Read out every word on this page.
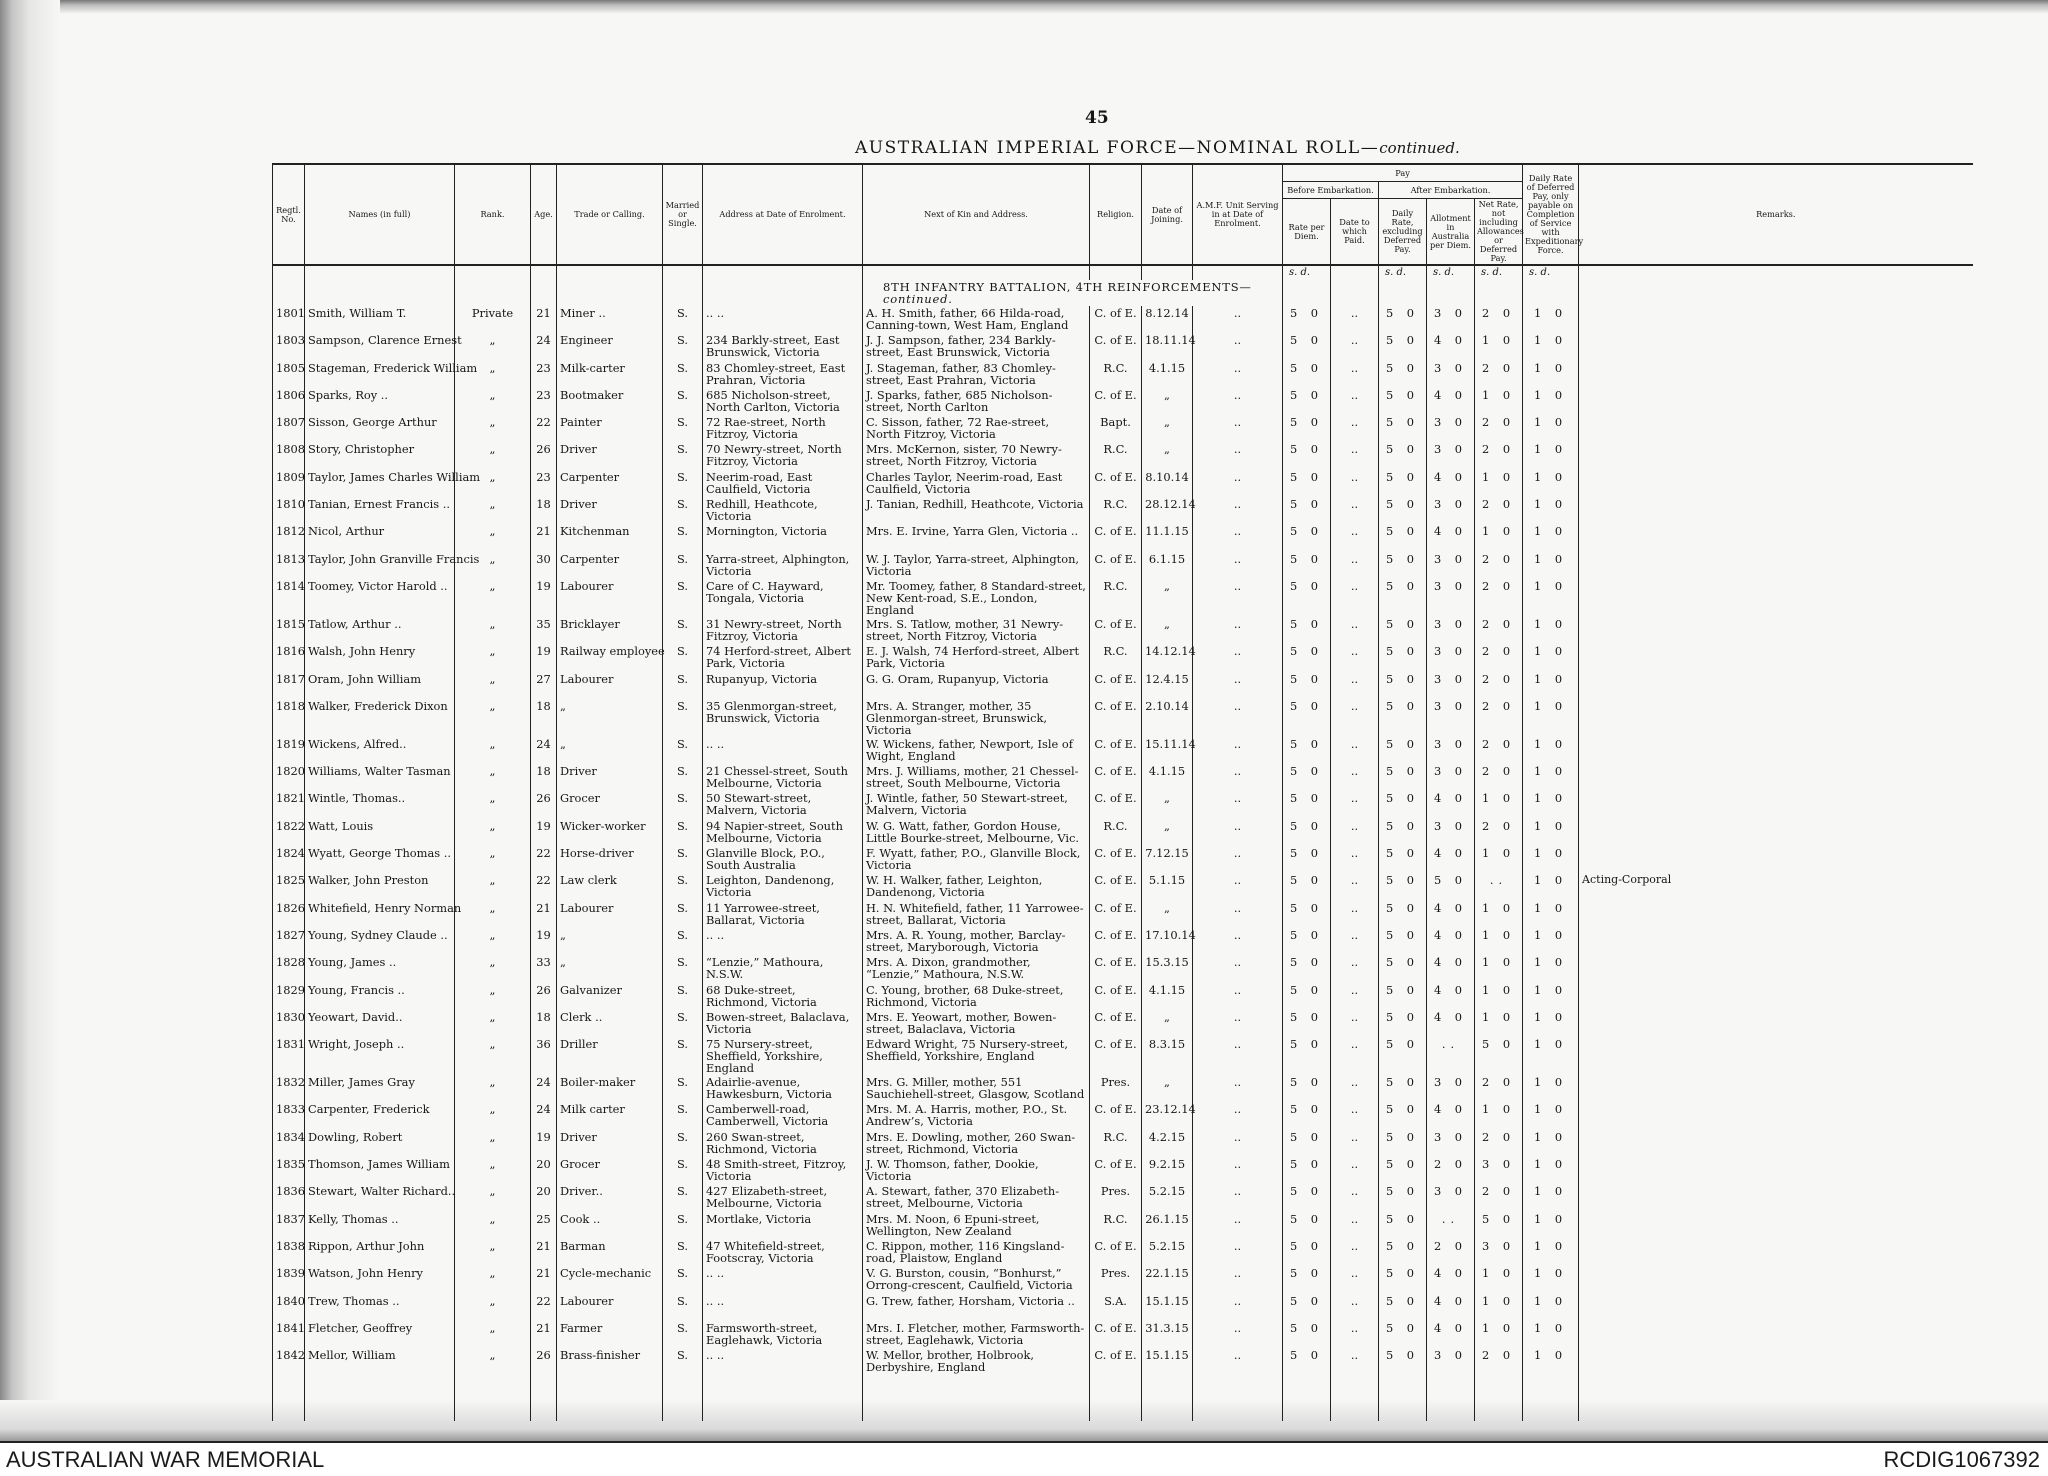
45
AUSTRALIAN IMPERIAL FORCE—NOMINAL ROLL—continued.
Regtl. No.	Names (in full)	Rank.	Age.	Trade or Calling.	Married or Single.	Address at Date of Enrolment.	Next of Kin and Address.	Religion.	Date of Joining.	A.M.F. Unit Serving in at Date of Enrolment.	Pay					Daily Rate of Deferred Pay, only payable on Completion of Service with Expeditionary Force.	Remarks.
											Before Embarkation.		After Embarkation.				
											Rate per Diem.	Date to which Paid.	Daily Rate, excluding Deferred Pay.	Allotment in Australia per Diem.	Net Rate, not including Allowances or Deferred Pay.		
											s. d.		s. d.	s. d.	s. d.	s. d.	
							8TH INFANTRY BATTALION, 4TH REINFORCEMENTS—continued.										
1801	Smith, William T.	Private	21	Miner ..	S.	.. ..	A. H. Smith, father, 66 Hilda-road, Canning-town, West Ham, England	C. of E.	8.12.14	..	5 0	..	5 0	3 0	2 0	1 0	
1803	Sampson, Clarence Ernest	„	24	Engineer	S.	234 Barkly-street, East Brunswick, Victoria	J. J. Sampson, father, 234 Barkly-street, East Brunswick, Victoria	C. of E.	18.11.14	..	5 0	..	5 0	4 0	1 0	1 0	
1805	Stageman, Frederick William	„	23	Milk-carter	S.	83 Chomley-street, East Prahran, Victoria	J. Stageman, father, 83 Chomley-street, East Prahran, Victoria	R.C.	4.1.15	..	5 0	..	5 0	3 0	2 0	1 0	
1806	Sparks, Roy ..	„	23	Bootmaker	S.	685 Nicholson-street, North Carlton, Victoria	J. Sparks, father, 685 Nicholson-street, North Carlton	C. of E.	„	..	5 0	..	5 0	4 0	1 0	1 0	
1807	Sisson, George Arthur	„	22	Painter	S.	72 Rae-street, North Fitzroy, Victoria	C. Sisson, father, 72 Rae-street, North Fitzroy, Victoria	Bapt.	„	..	5 0	..	5 0	3 0	2 0	1 0	
1808	Story, Christopher	„	26	Driver	S.	70 Newry-street, North Fitzroy, Victoria	Mrs. McKernon, sister, 70 Newry-street, North Fitzroy, Victoria	R.C.	„	..	5 0	..	5 0	3 0	2 0	1 0	
1809	Taylor, James Charles William	„	23	Carpenter	S.	Neerim-road, East Caulfield, Victoria	Charles Taylor, Neerim-road, East Caulfield, Victoria	C. of E.	8.10.14	..	5 0	..	5 0	4 0	1 0	1 0	
1810	Tanian, Ernest Francis ..	„	18	Driver	S.	Redhill, Heathcote, Victoria	J. Tanian, Redhill, Heathcote, Victoria	R.C.	28.12.14	..	5 0	..	5 0	3 0	2 0	1 0	
1812	Nicol, Arthur	„	21	Kitchenman	S.	Mornington, Victoria	Mrs. E. Irvine, Yarra Glen, Victoria ..	C. of E.	11.1.15	..	5 0	..	5 0	4 0	1 0	1 0	
1813	Taylor, John Granville Francis	„	30	Carpenter	S.	Yarra-street, Alphington, Victoria	W. J. Taylor, Yarra-street, Alphington, Victoria	C. of E.	6.1.15	..	5 0	..	5 0	3 0	2 0	1 0	
1814	Toomey, Victor Harold ..	„	19	Labourer	S.	Care of C. Hayward, Tongala, Victoria	Mr. Toomey, father, 8 Standard-street, New Kent-road, S.E., London, England	R.C.	„	..	5 0	..	5 0	3 0	2 0	1 0	
1815	Tatlow, Arthur ..	„	35	Bricklayer	S.	31 Newry-street, North Fitzroy, Victoria	Mrs. S. Tatlow, mother, 31 Newry-street, North Fitzroy, Victoria	C. of E.	„	..	5 0	..	5 0	3 0	2 0	1 0	
1816	Walsh, John Henry	„	19	Railway employee	S.	74 Herford-street, Albert Park, Victoria	E. J. Walsh, 74 Herford-street, Albert Park, Victoria	R.C.	14.12.14	..	5 0	..	5 0	3 0	2 0	1 0	
1817	Oram, John William	„	27	Labourer	S.	Rupanyup, Victoria	G. G. Oram, Rupanyup, Victoria	C. of E.	12.4.15	..	5 0	..	5 0	3 0	2 0	1 0	
1818	Walker, Frederick Dixon	„	18	„	S.	35 Glenmorgan-street, Brunswick, Victoria	Mrs. A. Stranger, mother, 35 Glenmorgan-street, Brunswick, Victoria	C. of E.	2.10.14	..	5 0	..	5 0	3 0	2 0	1 0	
1819	Wickens, Alfred..	„	24	„	S.	.. ..	W. Wickens, father, Newport, Isle of Wight, England	C. of E.	15.11.14	..	5 0	..	5 0	3 0	2 0	1 0	
1820	Williams, Walter Tasman	„	18	Driver	S.	21 Chessel-street, South Melbourne, Victoria	Mrs. J. Williams, mother, 21 Chessel-street, South Melbourne, Victoria	C. of E.	4.1.15	..	5 0	..	5 0	3 0	2 0	1 0	
1821	Wintle, Thomas..	„	26	Grocer	S.	50 Stewart-street, Malvern, Victoria	J. Wintle, father, 50 Stewart-street, Malvern, Victoria	C. of E.	„	..	5 0	..	5 0	4 0	1 0	1 0	
1822	Watt, Louis	„	19	Wicker-worker	S.	94 Napier-street, South Melbourne, Victoria	W. G. Watt, father, Gordon House, Little Bourke-street, Melbourne, Vic.	R.C.	„	..	5 0	..	5 0	3 0	2 0	1 0	
1824	Wyatt, George Thomas ..	„	22	Horse-driver	S.	Glanville Block, P.O., South Australia	F. Wyatt, father, P.O., Glanville Block, Victoria	C. of E.	7.12.15	..	5 0	..	5 0	4 0	1 0	1 0	
1825	Walker, John Preston	„	22	Law clerk	S.	Leighton, Dandenong, Victoria	W. H. Walker, father, Leighton, Dandenong, Victoria	C. of E.	5.1.15	..	5 0	..	5 0	5 0	..	1 0	Acting-Corporal
1826	Whitefield, Henry Norman	„	21	Labourer	S.	11 Yarrowee-street, Ballarat, Victoria	H. N. Whitefield, father, 11 Yarrowee-street, Ballarat, Victoria	C. of E.	„	..	5 0	..	5 0	4 0	1 0	1 0	
1827	Young, Sydney Claude ..	„	19	„	S.	.. ..	Mrs. A. R. Young, mother, Barclay-street, Maryborough, Victoria	C. of E.	17.10.14	..	5 0	..	5 0	4 0	1 0	1 0	
1828	Young, James ..	„	33	„	S.	“Lenzie,” Mathoura, N.S.W.	Mrs. A. Dixon, grandmother, “Lenzie,” Mathoura, N.S.W.	C. of E.	15.3.15	..	5 0	..	5 0	4 0	1 0	1 0	
1829	Young, Francis ..	„	26	Galvanizer	S.	68 Duke-street, Richmond, Victoria	C. Young, brother, 68 Duke-street, Richmond, Victoria	C. of E.	4.1.15	..	5 0	..	5 0	4 0	1 0	1 0	
1830	Yeowart, David..	„	18	Clerk ..	S.	Bowen-street, Balaclava, Victoria	Mrs. E. Yeowart, mother, Bowen-street, Balaclava, Victoria	C. of E.	„	..	5 0	..	5 0	4 0	1 0	1 0	
1831	Wright, Joseph ..	„	36	Driller	S.	75 Nursery-street, Sheffield, Yorkshire, England	Edward Wright, 75 Nursery-street, Sheffield, Yorkshire, England	C. of E.	8.3.15	..	5 0	..	5 0	..	5 0	1 0	
1832	Miller, James Gray	„	24	Boiler-maker	S.	Adairlie-avenue, Hawkesburn, Victoria	Mrs. G. Miller, mother, 551 Sauchiehell-street, Glasgow, Scotland	Pres.	„	..	5 0	..	5 0	3 0	2 0	1 0	
1833	Carpenter, Frederick	„	24	Milk carter	S.	Camberwell-road, Camberwell, Victoria	Mrs. M. A. Harris, mother, P.O., St. Andrew’s, Victoria	C. of E.	23.12.14	..	5 0	..	5 0	4 0	1 0	1 0	
1834	Dowling, Robert	„	19	Driver	S.	260 Swan-street, Richmond, Victoria	Mrs. E. Dowling, mother, 260 Swan-street, Richmond, Victoria	R.C.	4.2.15	..	5 0	..	5 0	3 0	2 0	1 0	
1835	Thomson, James William	„	20	Grocer	S.	48 Smith-street, Fitzroy, Victoria	J. W. Thomson, father, Dookie, Victoria	C. of E.	9.2.15	..	5 0	..	5 0	2 0	3 0	1 0	
1836	Stewart, Walter Richard..	„	20	Driver..	S.	427 Elizabeth-street, Melbourne, Victoria	A. Stewart, father, 370 Elizabeth-street, Melbourne, Victoria	Pres.	5.2.15	..	5 0	..	5 0	3 0	2 0	1 0	
1837	Kelly, Thomas ..	„	25	Cook ..	S.	Mortlake, Victoria	Mrs. M. Noon, 6 Epuni-street, Wellington, New Zealand	R.C.	26.1.15	..	5 0	..	5 0	..	5 0	1 0	
1838	Rippon, Arthur John	„	21	Barman	S.	47 Whitefield-street, Footscray, Victoria	C. Rippon, mother, 116 Kingsland-road, Plaistow, England	C. of E.	5.2.15	..	5 0	..	5 0	2 0	3 0	1 0	
1839	Watson, John Henry	„	21	Cycle-mechanic	S.	.. ..	V. G. Burston, cousin, “Bonhurst,” Orrong-crescent, Caulfield, Victoria	Pres.	22.1.15	..	5 0	..	5 0	4 0	1 0	1 0	
1840	Trew, Thomas ..	„	22	Labourer	S.	.. ..	G. Trew, father, Horsham, Victoria ..	S.A.	15.1.15	..	5 0	..	5 0	4 0	1 0	1 0	
1841	Fletcher, Geoffrey	„	21	Farmer	S.	Farmsworth-street, Eaglehawk, Victoria	Mrs. I. Fletcher, mother, Farmsworth-street, Eaglehawk, Victoria	C. of E.	31.3.15	..	5 0	..	5 0	4 0	1 0	1 0	
1842	Mellor, William	„	26	Brass-finisher	S.	.. ..	W. Mellor, brother, Holbrook, Derbyshire, England	C. of E.	15.1.15	..	5 0	..	5 0	3 0	2 0	1 0	

AUSTRALIAN WAR MEMORIAL	RCDIG1067392
